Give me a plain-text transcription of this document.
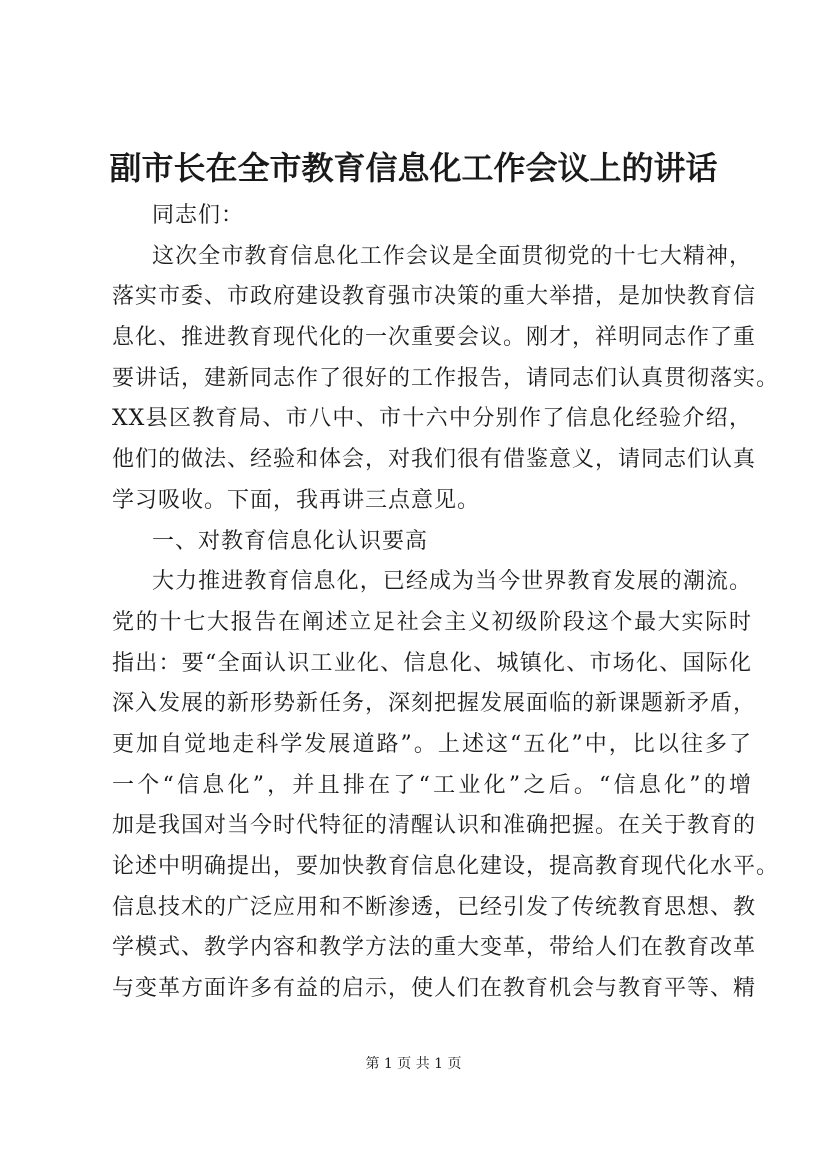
副市长在全市教育信息化工作会议上的讲话
同志们：
这次全市教育信息化工作会议是全面贯彻党的十七大精神，
落实市委、市政府建设教育强市决策的重大举措，是加快教育信
息化、推进教育现代化的一次重要会议。刚才，祥明同志作了重
要讲话，建新同志作了很好的工作报告，请同志们认真贯彻落实。
XX县区教育局、市八中、市十六中分别作了信息化经验介绍，
他们的做法、经验和体会，对我们很有借鉴意义，请同志们认真
学习吸收。下面，我再讲三点意见。
一、对教育信息化认识要高
大力推进教育信息化，已经成为当今世界教育发展的潮流。
党的十七大报告在阐述立足社会主义初级阶段这个最大实际时
指出：要“全面认识工业化、信息化、城镇化、市场化、国际化
深入发展的新形势新任务，深刻把握发展面临的新课题新矛盾，
更加自觉地走科学发展道路”。上述这“五化”中，比以往多了
一个“信息化”，并且排在了“工业化”之后。“信息化”的增
加是我国对当今时代特征的清醒认识和准确把握。在关于教育的
论述中明确提出，要加快教育信息化建设，提高教育现代化水平。
信息技术的广泛应用和不断渗透，已经引发了传统教育思想、教
学模式、教学内容和教学方法的重大变革，带给人们在教育改革
与变革方面许多有益的启示，使人们在教育机会与教育平等、精
第 1 页 共 1 页
